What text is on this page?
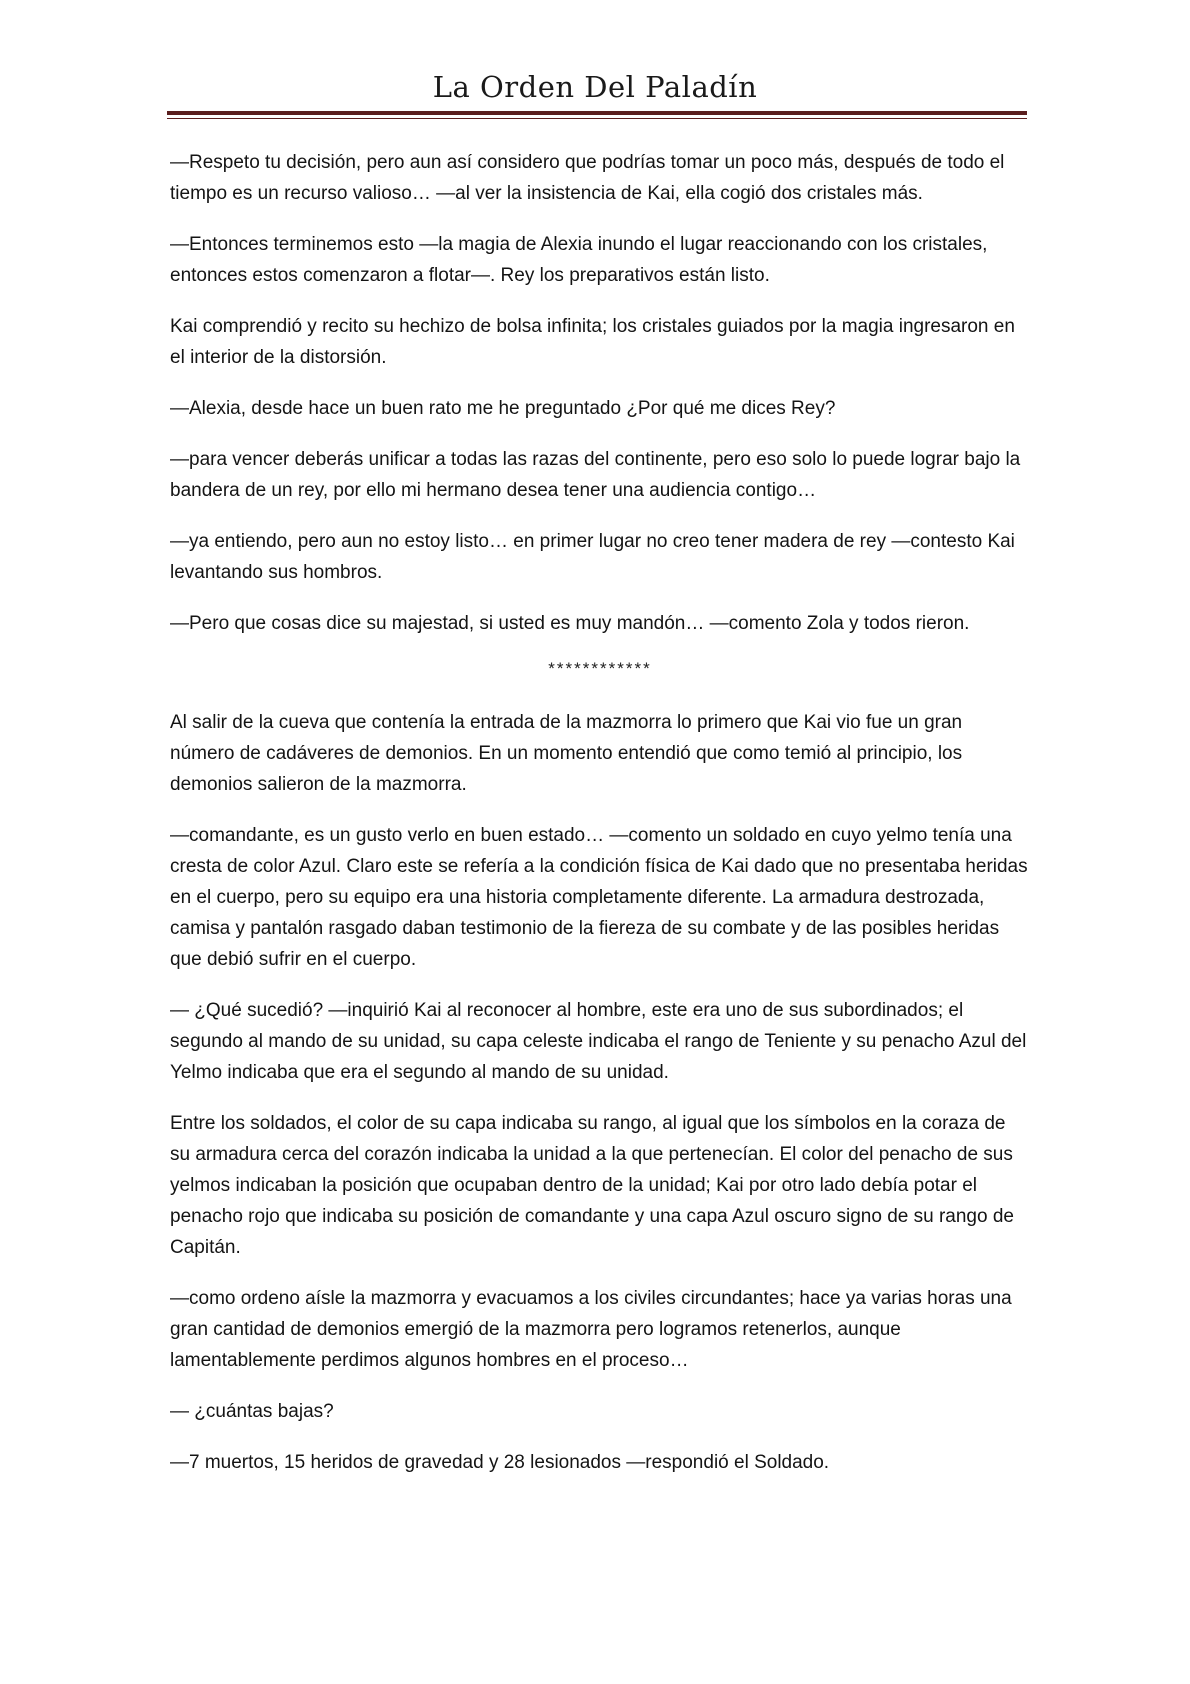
La Orden Del Paladín

—Respeto tu decisión, pero aun así considero que podrías tomar un poco más, después de todo el tiempo es un recurso valioso… —al ver la insistencia de Kai, ella cogió dos cristales más.

—Entonces terminemos esto —la magia de Alexia inundo el lugar reaccionando con los cristales, entonces estos comenzaron a flotar—. Rey los preparativos están listo.

Kai comprendió y recito su hechizo de bolsa infinita; los cristales guiados por la magia ingresaron en el interior de la distorsión.

—Alexia, desde hace un buen rato me he preguntado ¿Por qué me dices Rey?

—para vencer deberás unificar a todas las razas del continente, pero eso solo lo puede lograr bajo la bandera de un rey, por ello mi hermano desea tener una audiencia contigo…

—ya entiendo, pero aun no estoy listo… en primer lugar no creo tener madera de rey —contesto Kai levantando sus hombros.

—Pero que cosas dice su majestad, si usted es muy mandón… —comento Zola y todos rieron.

************

Al salir de la cueva que contenía la entrada de la mazmorra lo primero que Kai vio fue un gran número de cadáveres de demonios. En un momento entendió que como temió al principio, los demonios salieron de la mazmorra.

—comandante, es un gusto verlo en buen estado… —comento un soldado en cuyo yelmo tenía una cresta de color Azul. Claro este se refería a la condición física de Kai dado que no presentaba heridas en el cuerpo, pero su equipo era una historia completamente diferente. La armadura destrozada, camisa y pantalón rasgado daban testimonio de la fiereza de su combate y de las posibles heridas que debió sufrir en el cuerpo.

— ¿Qué sucedió? —inquirió Kai al reconocer al hombre, este era uno de sus subordinados; el segundo al mando de su unidad, su capa celeste indicaba el rango de Teniente y su penacho Azul del Yelmo indicaba que era el segundo al mando de su unidad.

Entre los soldados, el color de su capa indicaba su rango, al igual que los símbolos en la coraza de su armadura cerca del corazón indicaba la unidad a la que pertenecían. El color del penacho de sus yelmos indicaban la posición que ocupaban dentro de la unidad; Kai por otro lado debía potar el penacho rojo que indicaba su posición de comandante y una capa Azul oscuro signo de su rango de Capitán.

—como ordeno aísle la mazmorra y evacuamos a los civiles circundantes; hace ya varias horas una gran cantidad de demonios emergió de la mazmorra pero logramos retenerlos, aunque lamentablemente perdimos algunos hombres en el proceso…

— ¿cuántas bajas?

—7 muertos, 15 heridos de gravedad y 28 lesionados —respondió el Soldado.
